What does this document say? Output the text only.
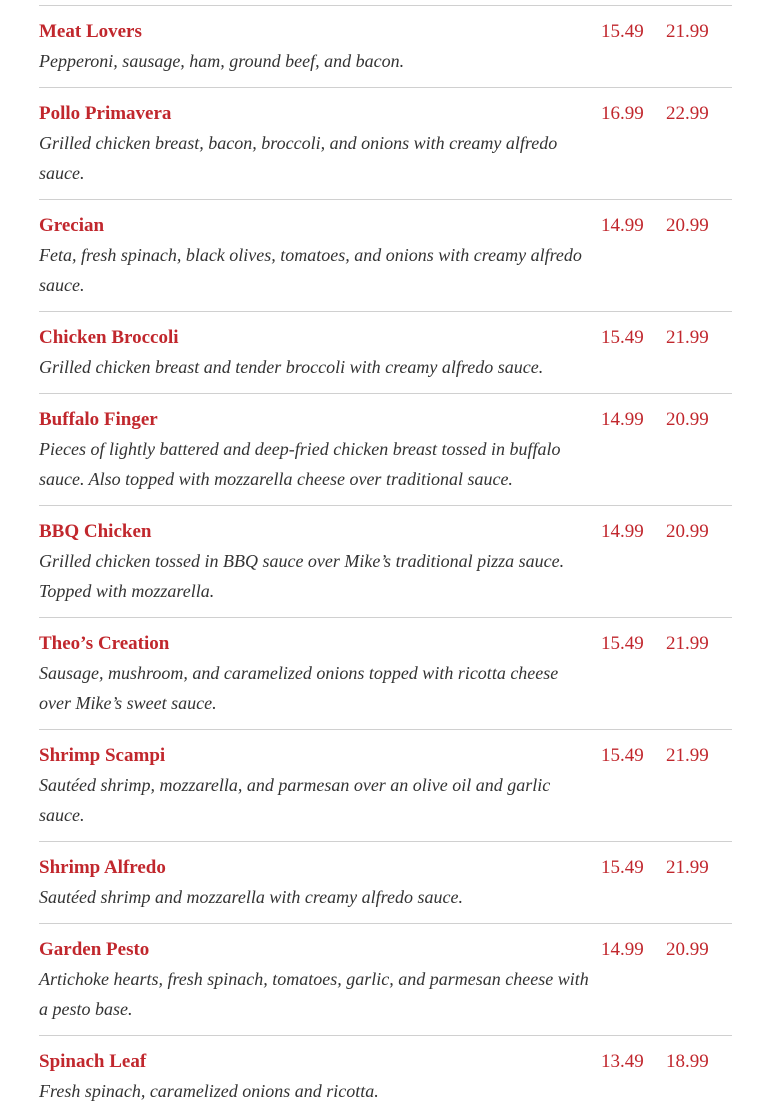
Meat Lovers
Pepperoni, sausage, ham, ground beef, and bacon.
15.49 21.99
Pollo Primavera
Grilled chicken breast, bacon, broccoli, and onions with creamy alfredo sauce.
16.99 22.99
Grecian
Feta, fresh spinach, black olives, tomatoes, and onions with creamy alfredo sauce.
14.99 20.99
Chicken Broccoli
Grilled chicken breast and tender broccoli with creamy alfredo sauce.
15.49 21.99
Buffalo Finger
Pieces of lightly battered and deep-fried chicken breast tossed in buffalo sauce. Also topped with mozzarella cheese over traditional sauce.
14.99 20.99
BBQ Chicken
Grilled chicken tossed in BBQ sauce over Mike’s traditional pizza sauce. Topped with mozzarella.
14.99 20.99
Theo’s Creation
Sausage, mushroom, and caramelized onions topped with ricotta cheese over Mike’s sweet sauce.
15.49 21.99
Shrimp Scampi
Sautéed shrimp, mozzarella, and parmesan over an olive oil and garlic sauce.
15.49 21.99
Shrimp Alfredo
Sautéed shrimp and mozzarella with creamy alfredo sauce.
15.49 21.99
Garden Pesto
Artichoke hearts, fresh spinach, tomatoes, garlic, and parmesan cheese with a pesto base.
14.99 20.99
Spinach Leaf
Fresh spinach, caramelized onions and ricotta.
13.49 18.99
